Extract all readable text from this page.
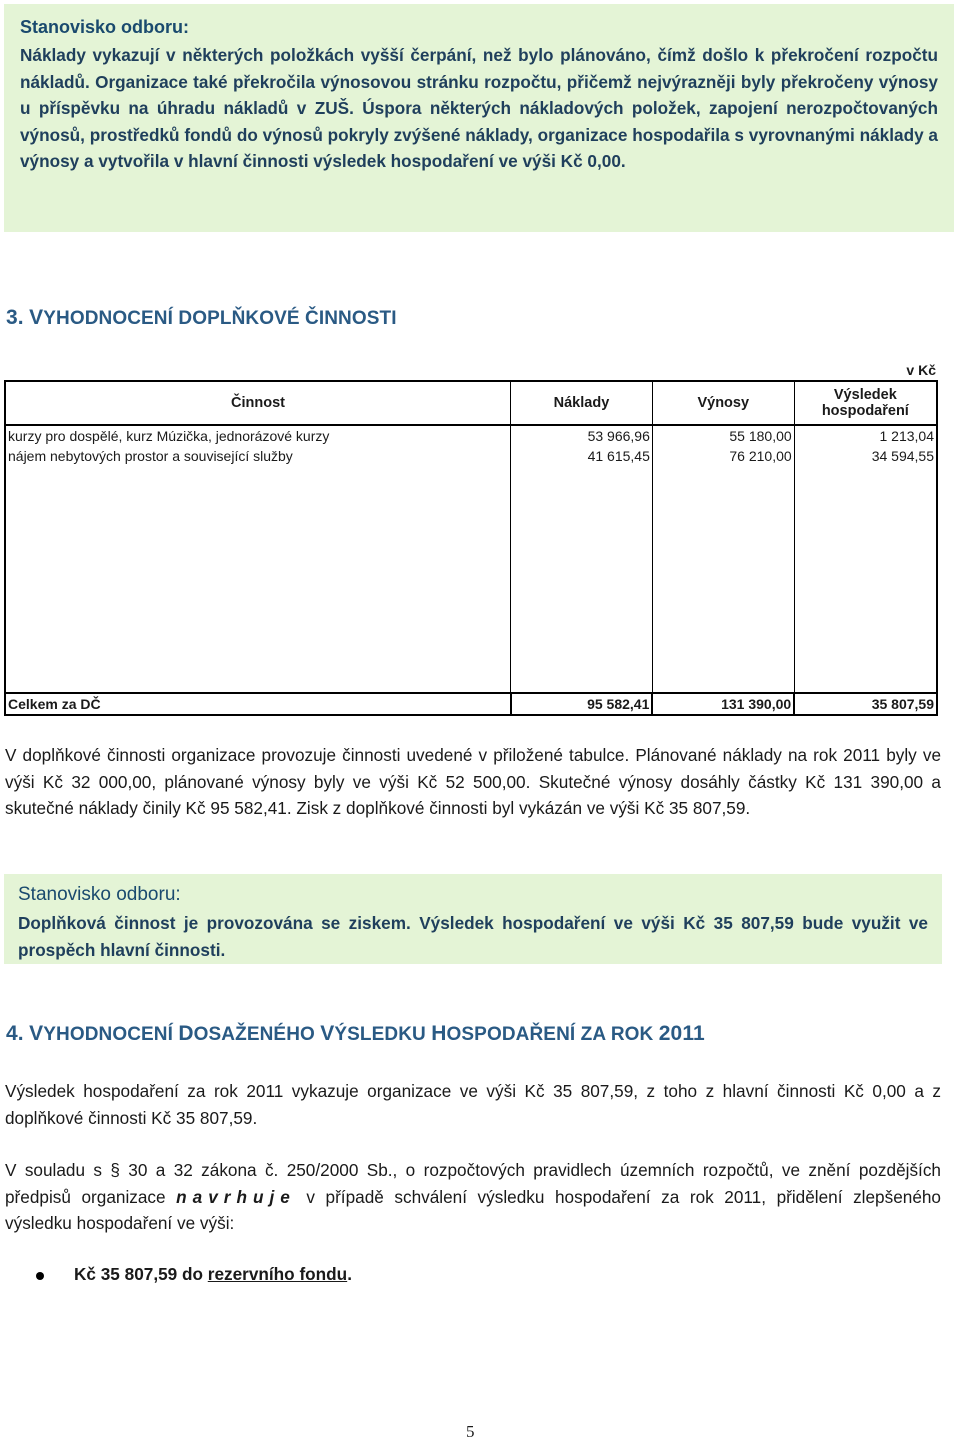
Stanovisko odboru:

Náklady vykazují v některých položkách vyšší čerpání, než bylo plánováno, čímž došlo k překročení rozpočtu nákladů. Organizace také překročila výnosovou stránku rozpočtu, přičemž nejvýrazněji byly překročeny výnosy u příspěvku na úhradu nákladů v ZUŠ. Úspora některých nákladových položek, zapojení nerozpočtovaných výnosů, prostředků fondů do výnosů pokryly zvýšené náklady, organizace hospodařila s vyrovnanými náklady a výnosy a vytvořila v hlavní činnosti výsledek hospodaření ve výši Kč 0,00.

3. VYHODNOCENÍ DOPLŇKOVÉ ČINNOSTI
v Kč
Činnost	Náklady	Výnosy	Výsledek hospodaření
kurzy pro dospělé, kurz Múzička, jednorázové kurzy	53 966,96	55 180,00	1 213,04
nájem nebytových prostor a související služby	41 615,45	76 210,00	34 594,55

Celkem za DČ	95 582,41	131 390,00	35 807,59

V doplňkové činnosti organizace provozuje činnosti uvedené v přiložené tabulce. Plánované náklady na rok 2011 byly ve výši Kč 32 000,00, plánované výnosy byly ve výši Kč 52 500,00. Skutečné výnosy dosáhly částky Kč 131 390,00 a skutečné náklady činily Kč 95 582,41. Zisk z doplňkové činnosti byl vykázán ve výši Kč 35 807,59.

Stanovisko odboru:

Doplňková činnost je provozována se ziskem. Výsledek hospodaření ve výši Kč 35 807,59 bude využit ve prospěch hlavní činnosti.

4. VYHODNOCENÍ DOSAŽENÉHO VÝSLEDKU HOSPODAŘENÍ ZA ROK 2011

Výsledek hospodaření za rok 2011 vykazuje organizace ve výši Kč 35 807,59, z toho z hlavní činnosti Kč 0,00 a z doplňkové činnosti Kč 35 807,59.

V souladu s § 30 a 32 zákona č. 250/2000 Sb., o rozpočtových pravidlech územních rozpočtů, ve znění pozdějších předpisů organizace navrhuje v případě schválení výsledku hospodaření za rok 2011, přidělení zlepšeného výsledku hospodaření ve výši:

Kč 35 807,59 do rezervního fondu.
5
